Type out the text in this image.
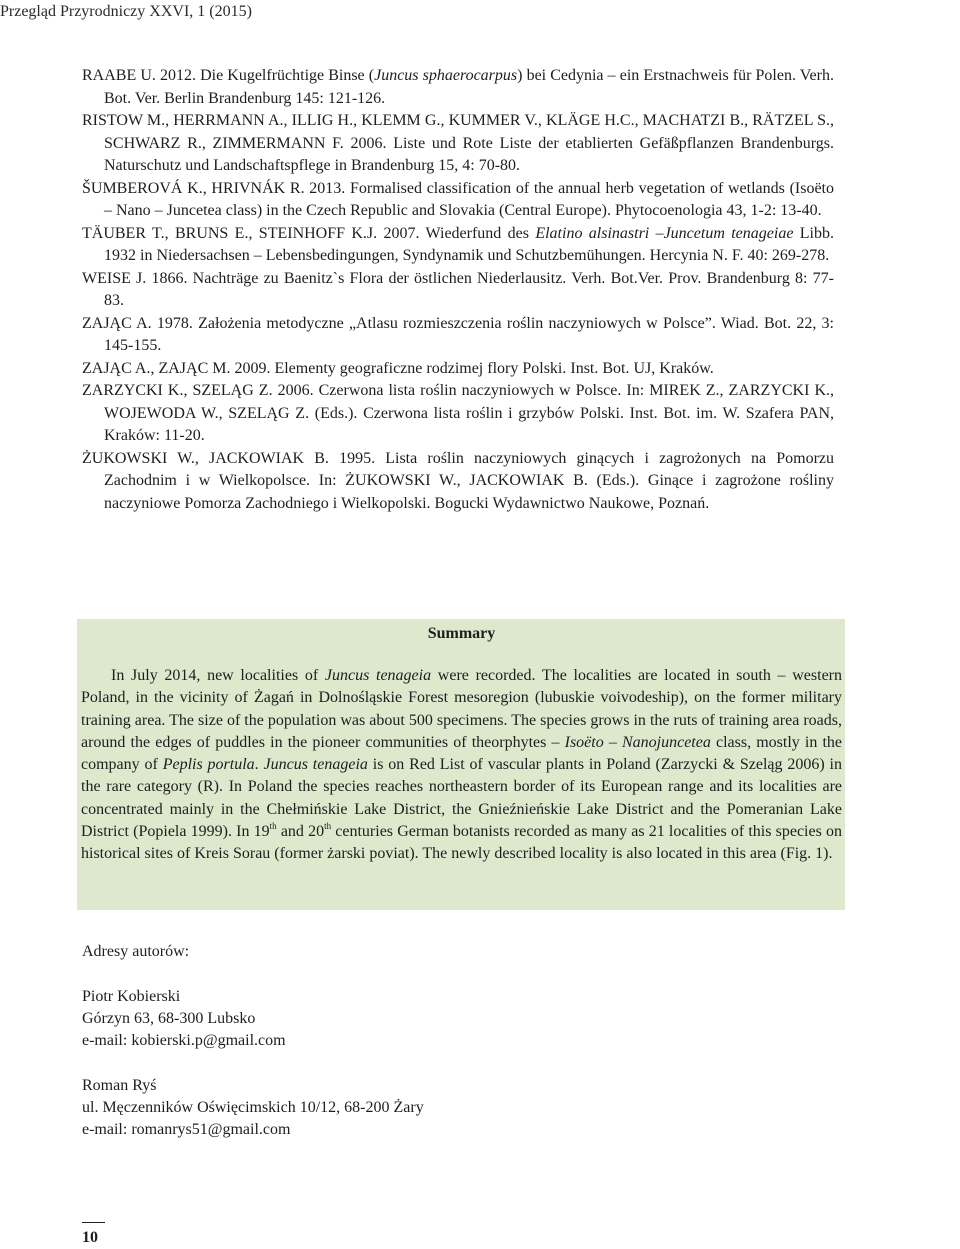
Przegląd Przyrodniczy XXVI, 1 (2015)

RAABE U. 2012. Die Kugelfrüchtige Binse (Juncus sphaerocarpus) bei Cedynia – ein Erstnachweis für Polen. Verh. Bot. Ver. Berlin Brandenburg 145: 121-126.

RISTOW M., HERRMANN A., ILLIG H., KLEMM G., KUMMER V., KLÄGE H.C., MACHATZI B., RÄTZEL S., SCHWARZ R., ZIMMERMANN F. 2006. Liste und Rote Liste der etablierten Gefäßpflanzen Brandenburgs. Naturschutz und Landschaftspflege in Brandenburg 15, 4: 70-80.

ŠUMBEROVÁ K., HRIVNÁK R. 2013. Formalised classification of the annual herb vegetation of wetlands (Isoëto – Nano – Juncetea class) in the Czech Republic and Slovakia (Central Europe). Phytocoenologia 43, 1-2: 13-40.

TÄUBER T., BRUNS E., STEINHOFF K.J. 2007. Wiederfund des Elatino alsinastri –Juncetum tenageiae Libb. 1932 in Niedersachsen – Lebensbedingungen, Syndynamik und Schutzbemühungen. Hercynia N. F. 40: 269-278.

WEISE J. 1866. Nachträge zu Baenitz`s Flora der östlichen Niederlausitz. Verh. Bot.Ver. Prov. Brandenburg 8: 77-83.

ZAJĄC A. 1978. Założenia metodyczne „Atlasu rozmieszczenia roślin naczyniowych w Polsce”. Wiad. Bot. 22, 3: 145-155.

ZAJĄC A., ZAJĄC M. 2009. Elementy geograficzne rodzimej flory Polski. Inst. Bot. UJ, Kraków.

ZARZYCKI K., SZELĄG Z. 2006. Czerwona lista roślin naczyniowych w Polsce. In: MIREK Z., ZARZYCKI K., WOJEWODA W., SZELĄG Z. (Eds.). Czerwona lista roślin i grzybów Polski. Inst. Bot. im. W. Szafera PAN, Kraków: 11-20.

ŻUKOWSKI W., JACKOWIAK B. 1995. Lista roślin naczyniowych ginących i zagrożonych na Pomorzu Zachodnim i w Wielkopolsce. In: ŻUKOWSKI W., JACKOWIAK B. (Eds.). Ginące i zagrożone rośliny naczyniowe Pomorza Zachodniego i Wielkopolski. Bogucki Wydawnictwo Naukowe, Poznań.

Summary

In July 2014, new localities of Juncus tenageia were recorded. The localities are located in south – western Poland, in the vicinity of Żagań in Dolnośląskie Forest mesoregion (lubuskie voivodeship), on the former military training area. The size of the population was about 500 specimens. The species grows in the ruts of training area roads, around the edges of puddles in the pioneer communities of theorphytes – Isoëto – Nanojuncetea class, mostly in the company of Peplis portula. Juncus tenageia is on Red List of vascular plants in Poland (Zarzycki & Szeląg 2006) in the rare category (R). In Poland the species reaches northeastern border of its European range and its localities are concentrated mainly in the Chełmińskie Lake District, the Gnieźnieńskie Lake District and the Pomeranian Lake District (Popiela 1999). In 19th and 20th centuries German botanists recorded as many as 21 localities of this species on historical sites of Kreis Sorau (former żarski poviat). The newly described locality is also located in this area (Fig. 1).

Adresy autorów:
Piotr Kobierski
Górzyn 63, 68-300 Lubsko
e-mail: kobierski.p@gmail.com
Roman Ryś
ul. Męczenników Oświęcimskich 10/12, 68-200 Żary
e-mail: romanrys51@gmail.com
10
